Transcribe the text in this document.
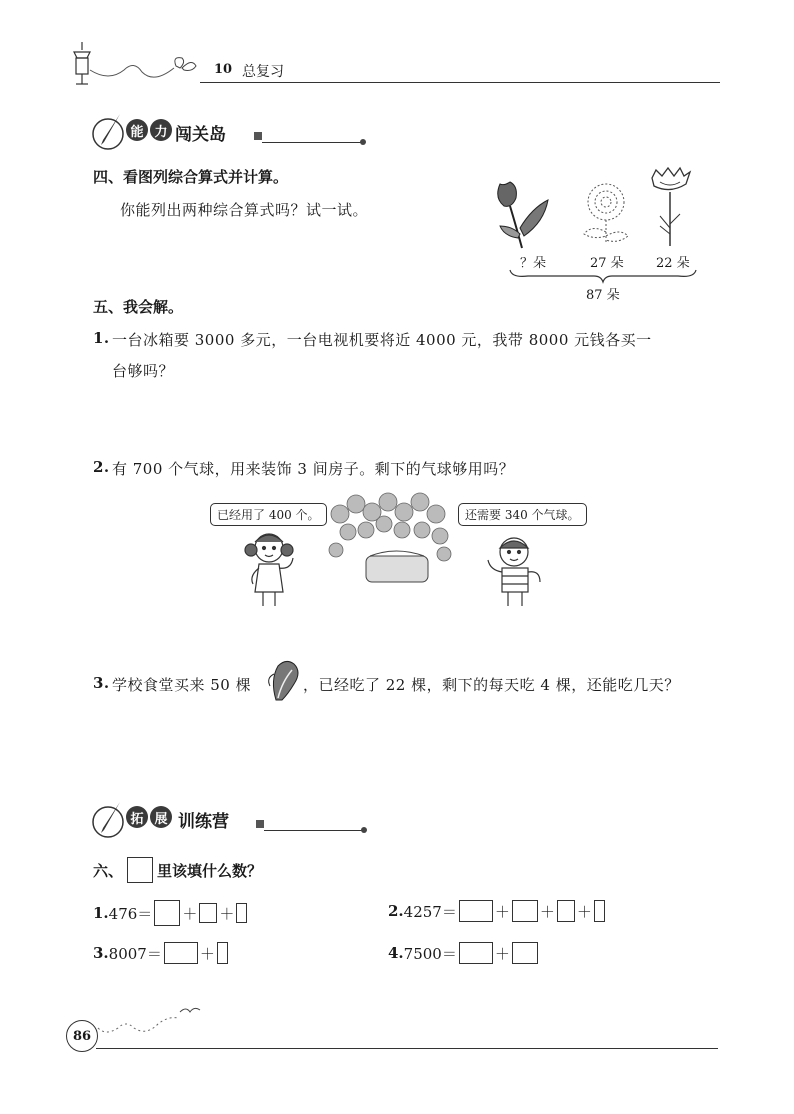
10 总复习
能 力 闯关岛
四、看图列综合算式并计算。
你能列出两种综合算式吗？试一试。
？朵	27 朵 22 朵
87 朵
五、我会解。
1. 一台冰箱要 3000 多元，一台电视机要将近 4000 元，我带 8000 元钱各买一
台够吗？
2. 有 700 个气球，用来装饰 3 间房子。剩下的气球够用吗？
已经用了 400 个。	还需要 340 个气球。
3. 学校食堂买来 50 棵	，已经吃了 22 棵，剩下的每天吃 4 棵，还能吃几天？
拓 展 训练营
六、 里该填什么数？
1. 476＝ ＋ ＋	2. 4257＝	＋ ＋ ＋
3. 8007＝	＋	4. 7500＝	＋
86
